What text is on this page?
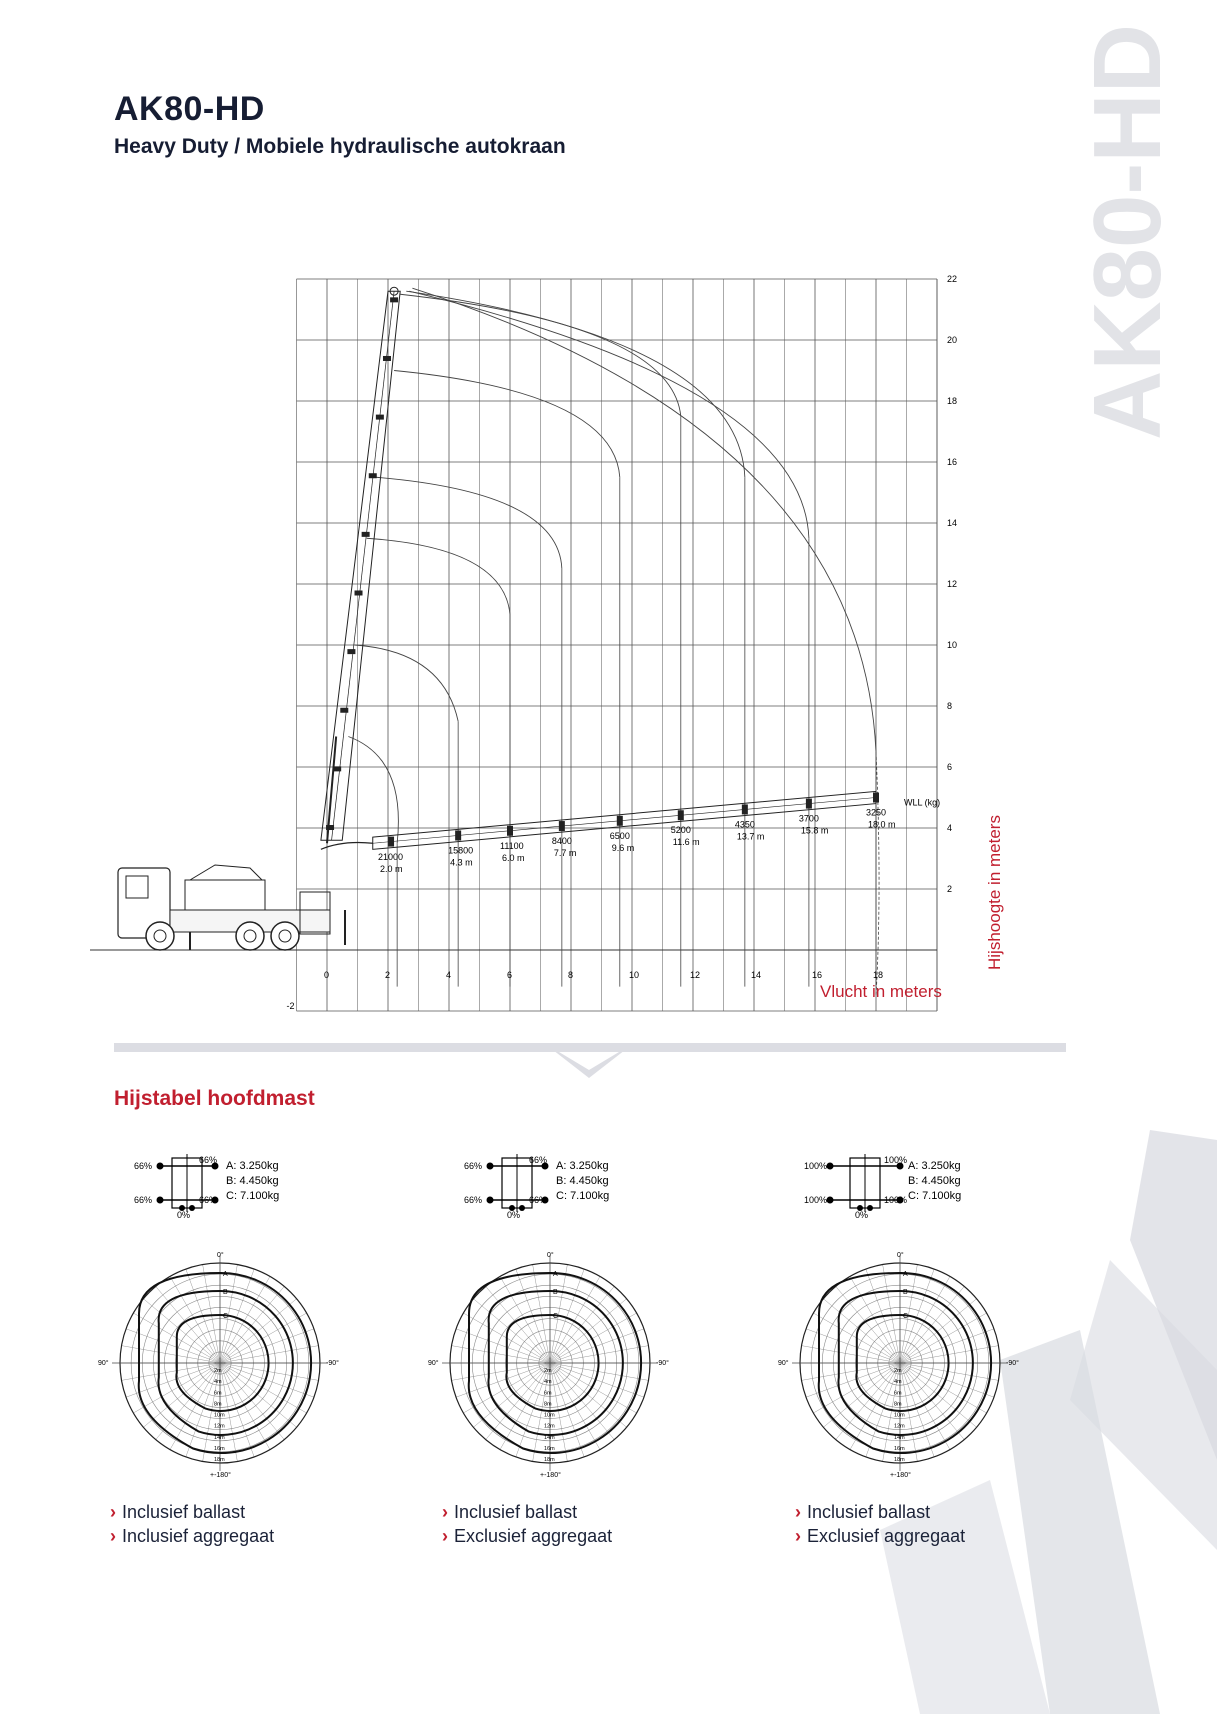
AK80-HD
Heavy Duty / Mobiele hydraulische autokraan	AK80-HD
21000
2.0 m
15800
4.3 m
11100
6.0 m
8400
7.7 m
6500
9.6 m
5200
11.6 m
4350
13.7 m
3700
15.8 m
3250
18.0 m
WLL (kg)
0	2	4	6	8	10	12	14	16	18
22
20
18
16
14
12
10
8
6
4
2
-2
Hijshoogte in meters
Vlucht in meters
Hijstabel hoofdmast
66%
66%
66%	66%
0%
A: 3.250kg
B: 4.450kg
C: 7.100kg
66%
66%
66%	66%
0%
A: 3.250kg
B: 4.450kg
C: 7.100kg
100%
100%
100%	100%
0%
A: 3.250kg
B: 4.450kg
C: 7.100kg
A
B
C
2m
4m
6m
8m
10m
12m
14m
16m
18m
0°
90°	-90°
+-180°
A
B
C
2m
4m
6m
8m
10m
12m
14m
16m
18m
0°
90°	-90°
+-180°
A
B
C
2m
4m
6m
8m
10m
12m
14m
16m
18m
0°
90°	-90°
+-180°
› Inclusief ballast
› Inclusief aggregaat
› Inclusief ballast
› Exclusief aggregaat
› Inclusief ballast
› Exclusief aggregaat
